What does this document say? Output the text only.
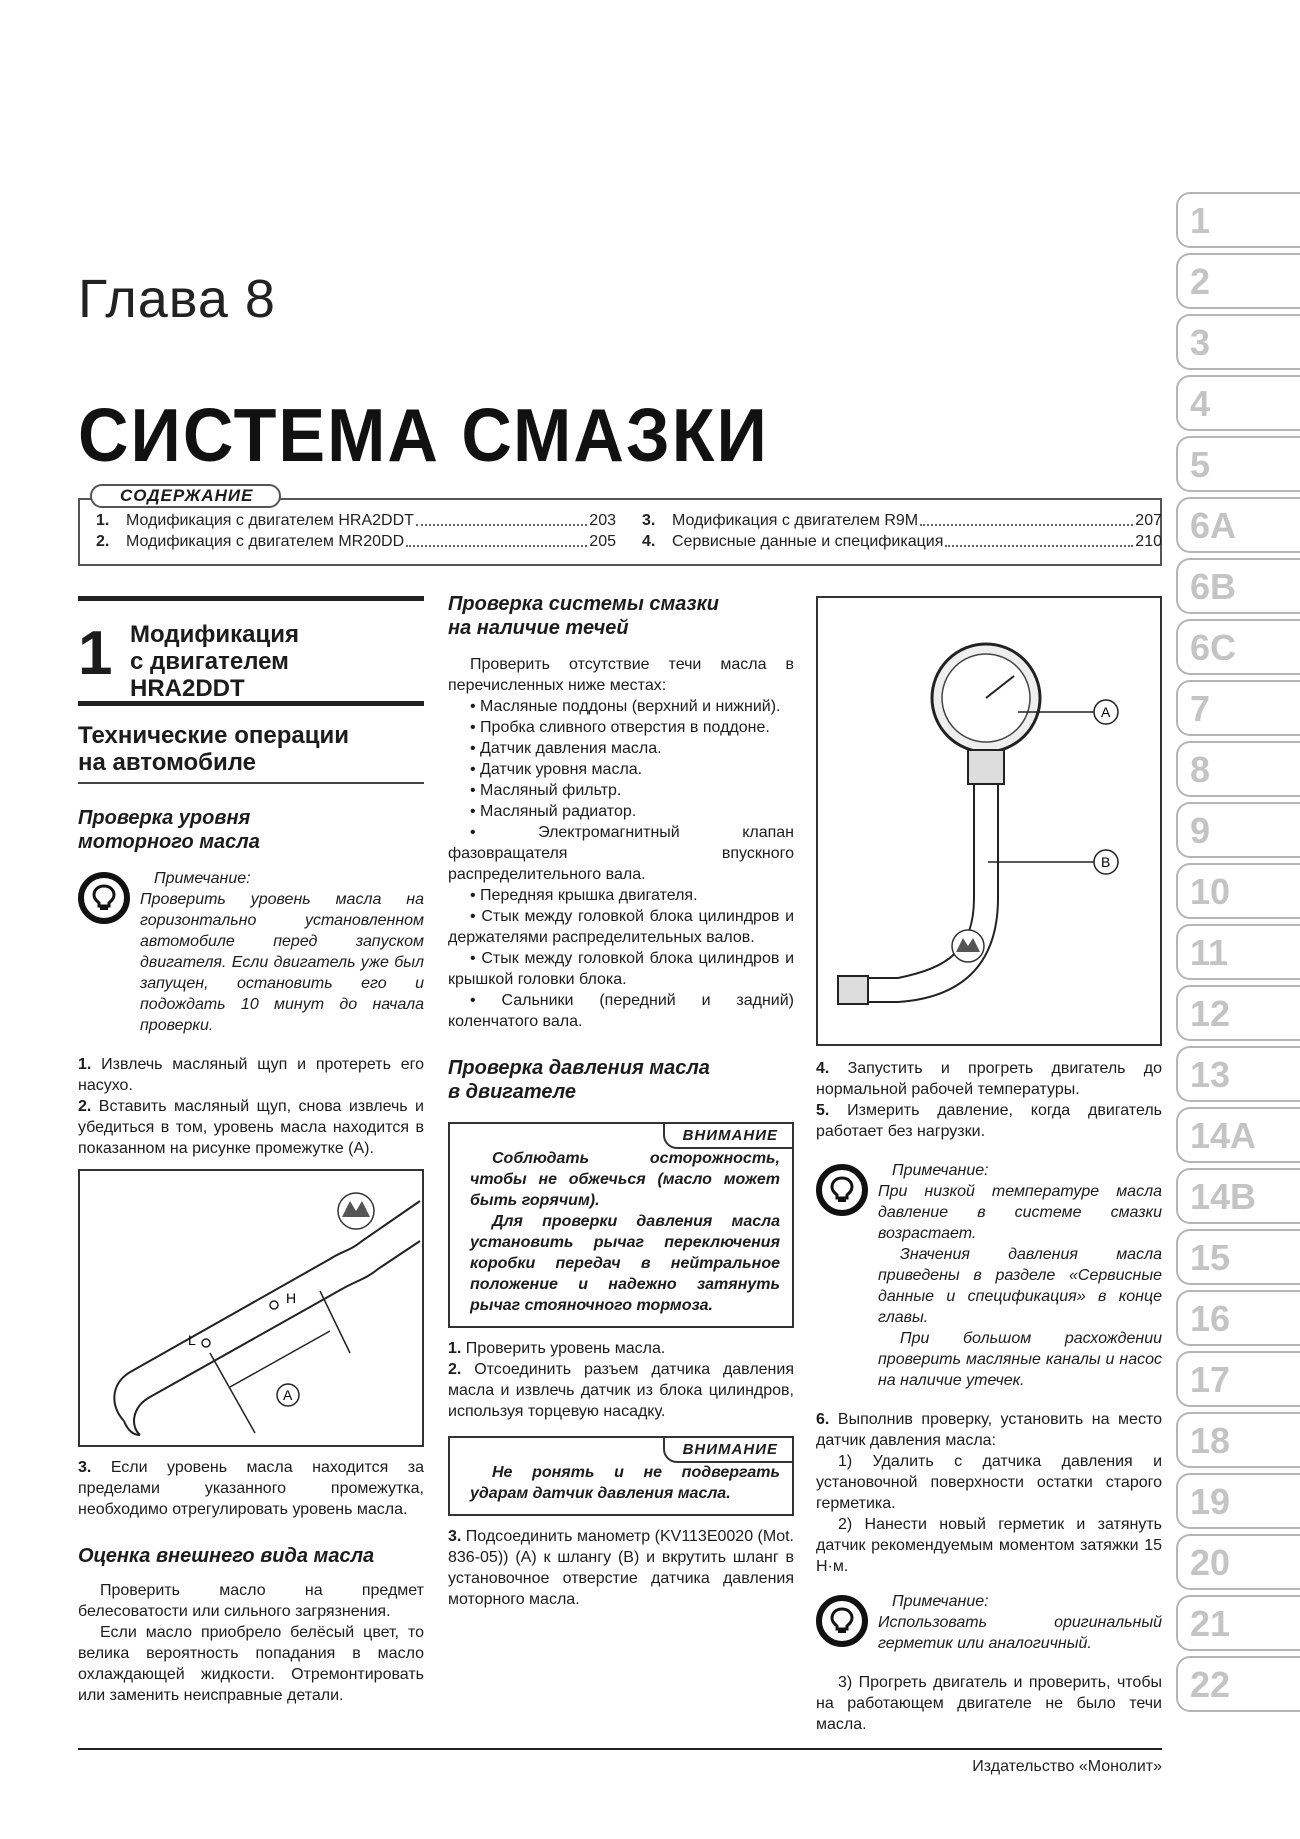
Глава 8
СИСТЕМА СМАЗКИ
СОДЕРЖАНИЕ
1.	Модификация с двигателем HRA2DDT	203
2.	Модификация с двигателем MR20DD	205
3.	Модификация с двигателем R9M	207
4.	Сервисные данные и спецификация	210
1
2
3
4
5
6A
6B
6C
7
8
9
10
11
12
13
14A
14B
15
16
17
18
19
20
21
22
1 Модификация
с двигателем
HRA2DDT
Технические операции
на автомобиле
Проверка уровня
моторного масла
Примечание:
Проверить уровень масла на горизонтально установленном автомобиле перед запуском двигателя. Если двигатель уже был запущен, остановить его и подождать 10 минут до начала проверки.
1. Извлечь масляный щуп и протереть его насухо.
2. Вставить масляный щуп, снова извлечь и убедиться в том, уровень масла находится в показанном на рисунке промежутке (А).
L
H
A
3. Если уровень масла находится за пределами указанного промежутка, необходимо отрегулировать уровень масла.
Оценка внешнего вида масла
Проверить масло на предмет белесоватости или сильного загрязнения.
Если масло приобрело белёсый цвет, то велика вероятность попадания в масло охлаждающей жидкости. Отремонтировать или заменить неисправные детали.
Проверка системы смазки
на наличие течей
Проверить отсутствие течи масла в перечисленных ниже местах:
• Масляные поддоны (верхний и нижний).
• Пробка сливного отверстия в поддоне.
• Датчик давления масла.
• Датчик уровня масла.
• Масляный фильтр.
• Масляный радиатор.
• Электромагнитный клапан фазовращателя впускного распределительного вала.
• Передняя крышка двигателя.
• Стык между головкой блока цилиндров и держателями распределительных валов.
• Стык между головкой блока цилиндров и крышкой головки блока.
• Сальники (передний и задний) коленчатого вала.
Проверка давления масла
в двигателе
ВНИМАНИЕ

Соблюдать осторожность, чтобы не обжечься (масло может быть горячим).

Для проверки давления масла установить рычаг переключения коробки передач в нейтральное положение и надежно затянуть рычаг стояночного тормоза.

1. Проверить уровень масла.
2. Отсоединить разъем датчика давления масла и извлечь датчик из блока цилиндров, используя торцевую насадку.
ВНИМАНИЕ

Не ронять и не подвергать ударам датчик давления масла.

3. Подсоединить манометр (KV113E0020 (Mot. 836-05)) (А) к шлангу (В) и вкрутить шланг в установочное отверстие датчика давления моторного масла.
A
B
4. Запустить и прогреть двигатель до нормальной рабочей температуры.
5. Измерить давление, когда двигатель работает без нагрузки.
Примечание:
При низкой температуре масла давление в системе смазки возрастает.
Значения давления масла приведены в разделе «Сервисные данные и спецификация» в конце главы.
При большом расхождении проверить масляные каналы и насос на наличие утечек.
6. Выполнив проверку, установить на место датчик давления масла:
1) Удалить с датчика давления и установочной поверхности остатки старого герметика.
2) Нанести новый герметик и затянуть датчик рекомендуемым моментом затяжки 15 Н·м.
Примечание:
Использовать оригинальный герметик или аналогичный.
3) Прогреть двигатель и проверить, чтобы на работающем двигателе не было течи масла.
Издательство «Монолит»
